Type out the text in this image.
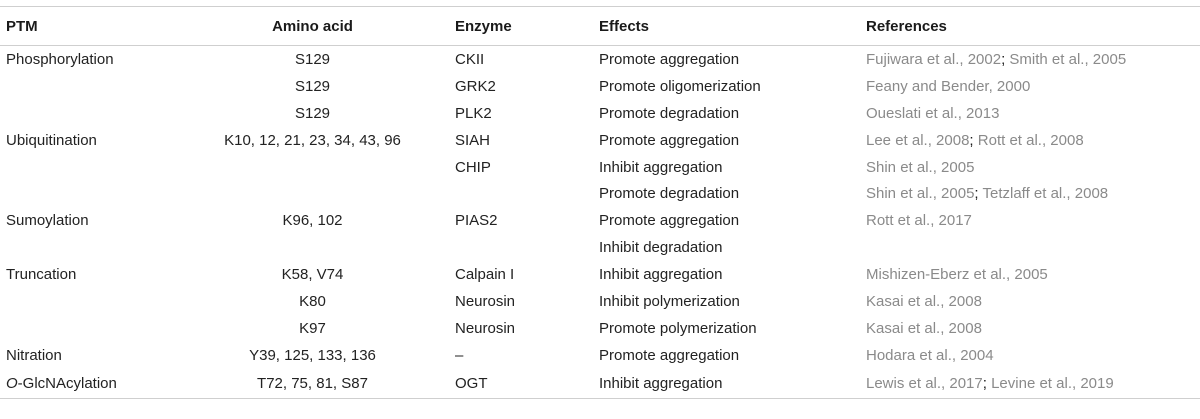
PTM	Amino acid	Enzyme	Effects	References
Phosphorylation	S129	CKII	Promote aggregation	Fujiwara et al., 2002; Smith et al., 2005
	S129	GRK2	Promote oligomerization	Feany and Bender, 2000
	S129	PLK2	Promote degradation	Oueslati et al., 2013
Ubiquitination	K10, 12, 21, 23, 34, 43, 96	SIAH	Promote aggregation	Lee et al., 2008; Rott et al., 2008
		CHIP	Inhibit aggregation	Shin et al., 2005
			Promote degradation	Shin et al., 2005; Tetzlaff et al., 2008
Sumoylation	K96, 102	PIAS2	Promote aggregation	Rott et al., 2017
			Inhibit degradation	
Truncation	K58, V74	Calpain I	Inhibit aggregation	Mishizen-Eberz et al., 2005
	K80	Neurosin	Inhibit polymerization	Kasai et al., 2008
	K97	Neurosin	Promote polymerization	Kasai et al., 2008
Nitration	Y39, 125, 133, 136	–	Promote aggregation	Hodara et al., 2004
O-GlcNAcylation	T72, 75, 81, S87	OGT	Inhibit aggregation	Lewis et al., 2017; Levine et al., 2019
